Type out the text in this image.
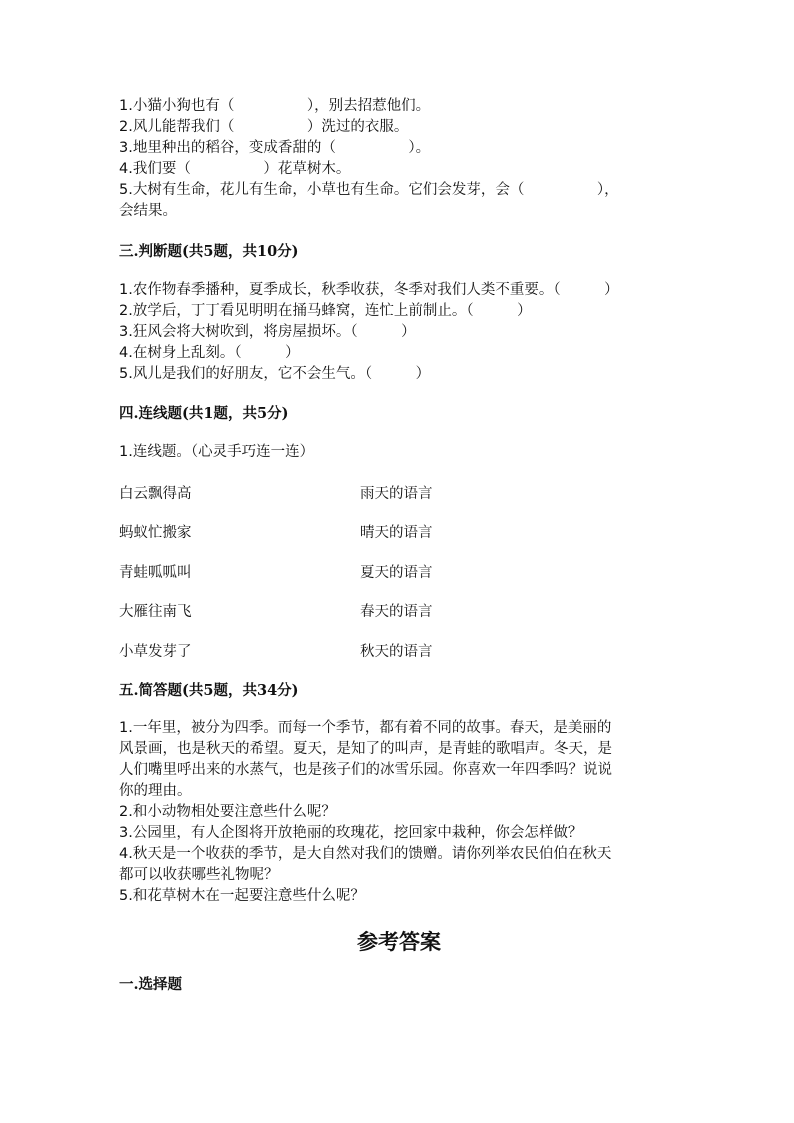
1.小猫小狗也有（　　　　　），别去招惹他们。
2.风儿能帮我们（　　　　　）洗过的衣服。
3.地里种出的稻谷，变成香甜的（　　　　　）。
4.我们要（　　　　　）花草树木。
5.大树有生命，花儿有生命，小草也有生命。它们会发芽，会（　　　　　），
会结果。
三.判断题(共5题，共10分)
1.农作物春季播种，夏季成长，秋季收获，冬季对我们人类不重要。（　　　）
2.放学后，丁丁看见明明在捅马蜂窝，连忙上前制止。（　　　）
3.狂风会将大树吹到，将房屋损坏。（　　　）
4.在树身上乱刻。（　　　）
5.风儿是我们的好朋友，它不会生气。（　　　）
四.连线题(共1题，共5分)
1.连线题。（心灵手巧连一连）
白云飘得高	雨天的语言
蚂蚁忙搬家	晴天的语言
青蛙呱呱叫	夏天的语言
大雁往南飞	春天的语言
小草发芽了	秋天的语言
五.简答题(共5题，共34分)
1.一年里，被分为四季。而每一个季节，都有着不同的故事。春天，是美丽的
风景画，也是秋天的希望。夏天，是知了的叫声，是青蛙的歌唱声。冬天，是
人们嘴里呼出来的水蒸气，也是孩子们的冰雪乐园。你喜欢一年四季吗？说说
你的理由。
2.和小动物相处要注意些什么呢？
3.公园里，有人企图将开放艳丽的玫瑰花，挖回家中栽种，你会怎样做？
4.秋天是一个收获的季节，是大自然对我们的馈赠。请你列举农民伯伯在秋天
都可以收获哪些礼物呢？
5.和花草树木在一起要注意些什么呢？
参考答案
一.选择题
